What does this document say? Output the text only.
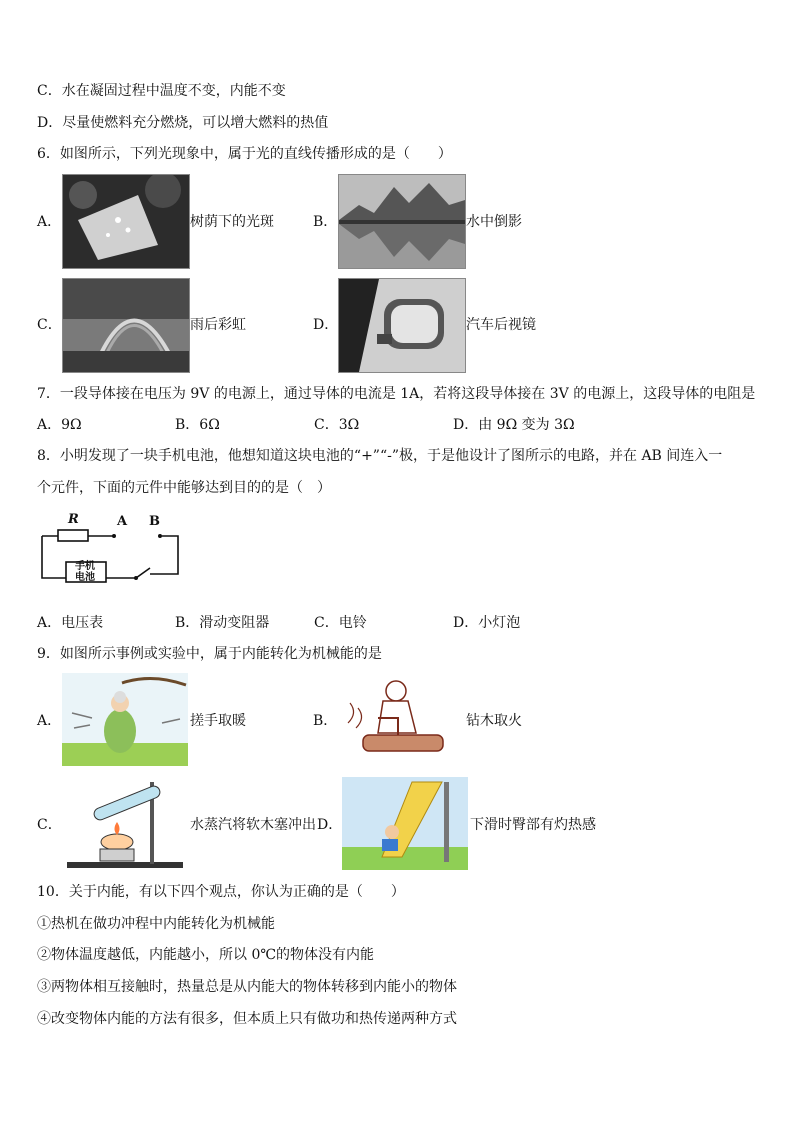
C．水在凝固过程中温度不变，内能不变
D．尽量使燃料充分燃烧，可以增大燃料的热值
6．如图所示，下列光现象中，属于光的直线传播形成的是（　　）
A．	树荫下的光斑	B．	水中倒影
C．	雨后彩虹	D．	汽车后视镜
7．一段导体接在电压为 9V 的电源上，通过导体的电流是 1A，若将这段导体接在 3V 的电源上，这段导体的电阻是
A．9Ω	B．6Ω	C．3Ω	D．由 9Ω 变为 3Ω
8．小明发现了一块手机电池，他想知道这块电池的“+”“-”极，于是他设计了图所示的电路，并在 AB 间连入一
个元件，下面的元件中能够达到目的的是（　）
R	A B
手机
电池
A．电压表	B．滑动变阻器	C．电铃	D．小灯泡
9．如图所示事例或实验中，属于内能转化为机械能的是
A．	搓手取暖	B．	钻木取火
C．	水蒸汽将软木塞冲出 D．	下滑时臀部有灼热感
10．关于内能，有以下四个观点，你认为正确的是（　　）
①热机在做功冲程中内能转化为机械能
②物体温度越低，内能越小，所以 0℃的物体没有内能
③两物体相互接触时，热量总是从内能大的物体转移到内能小的物体
④改变物体内能的方法有很多，但本质上只有做功和热传递两种方式
